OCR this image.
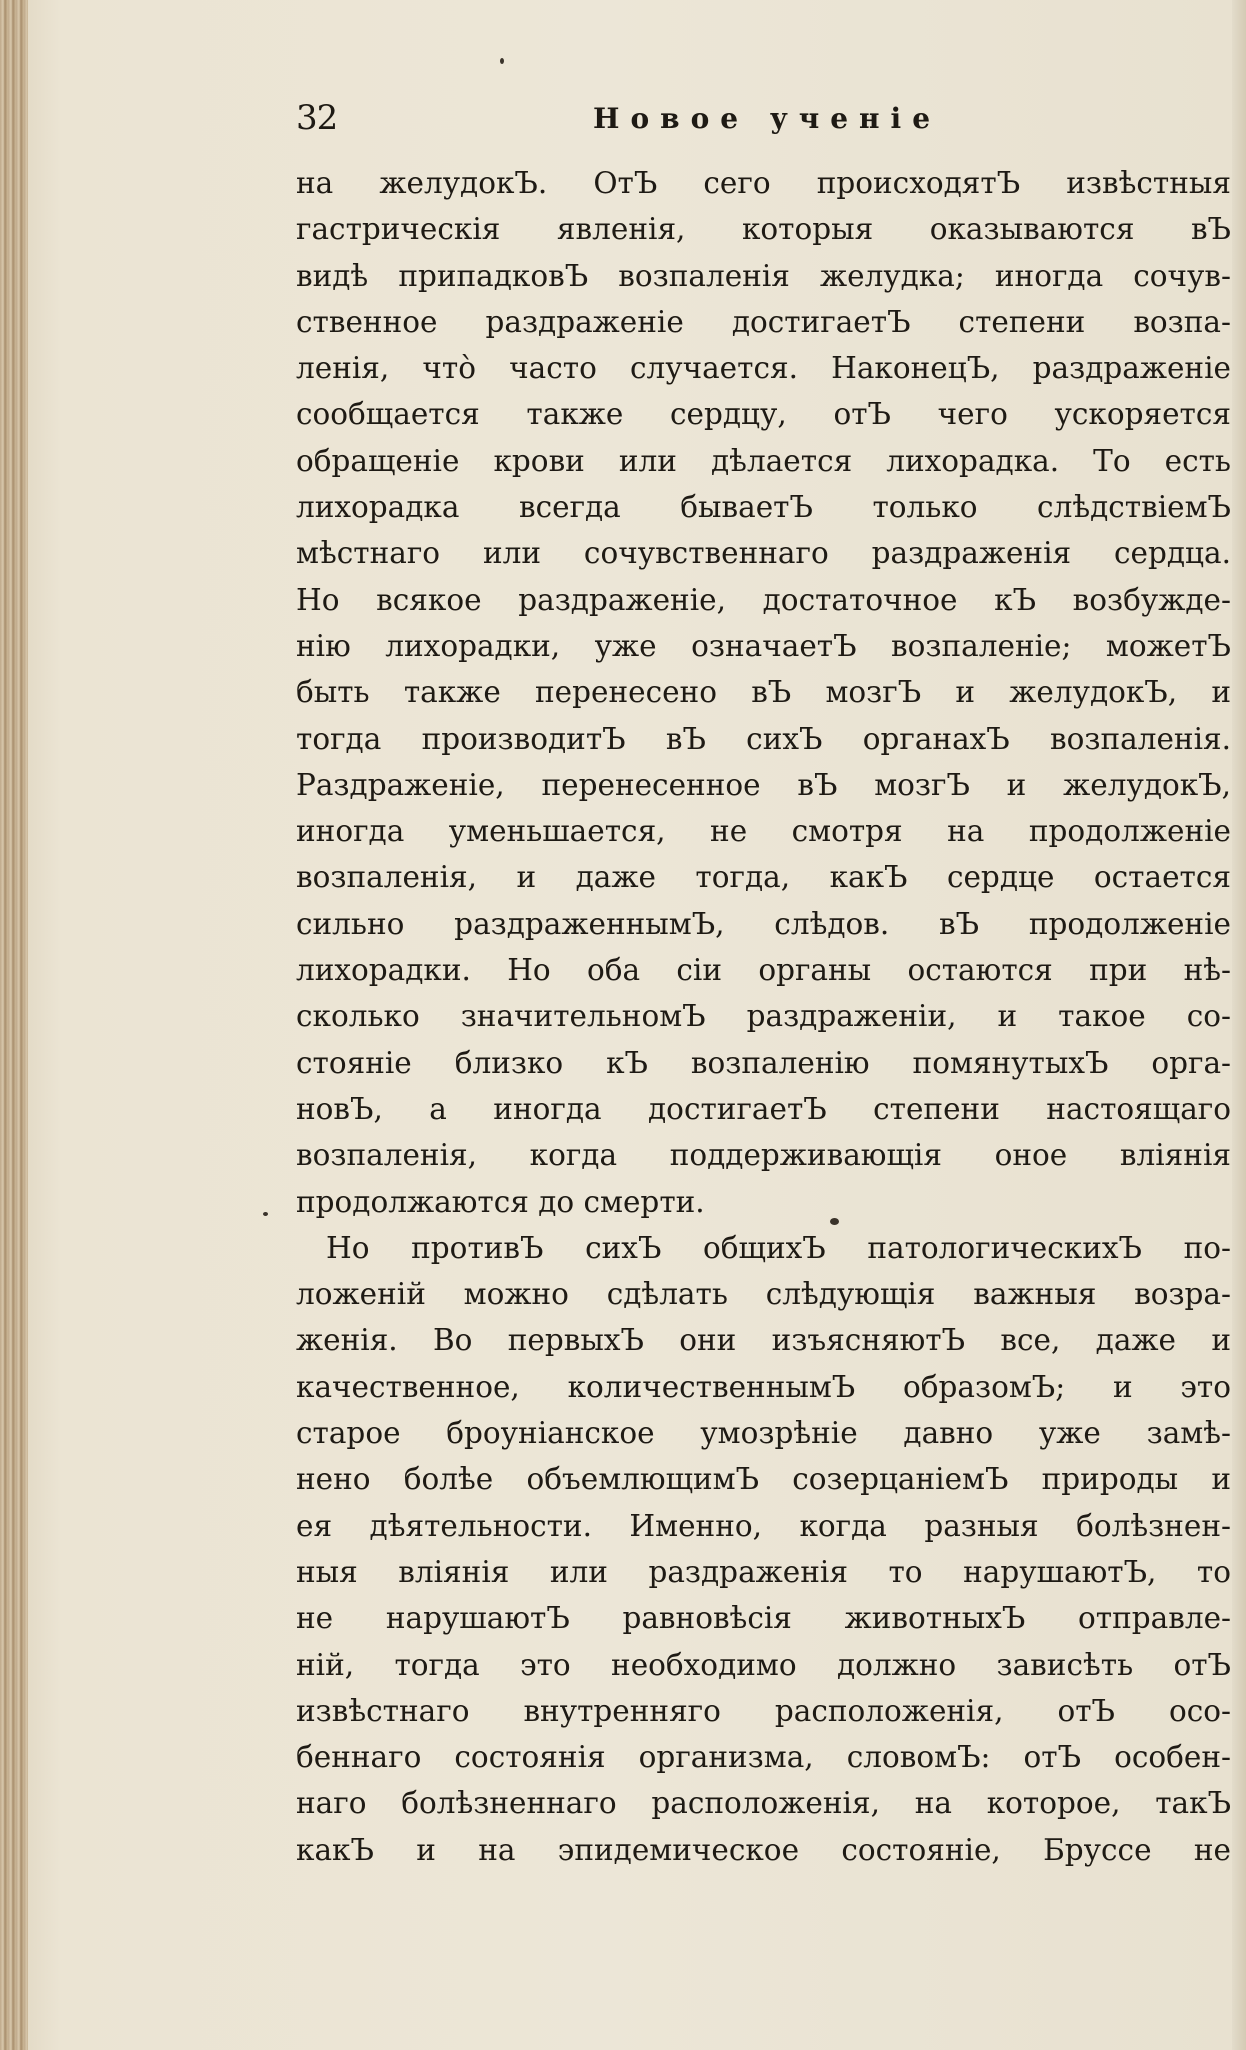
32	Новое ученіе
на желудокЪ. ОтЪ сего происходятЪ извѣстныя
гастрическія явленія, которыя оказываются вЪ
видѣ припадковЪ возпаленія желудка; иногда сочув-
ственное раздраженіе достигаетЪ степени возпа-
ленія, что̀ часто случается. НаконецЪ, раздраженіе
сообщается также сердцу, отЪ чего ускоряется
обращеніе крови или дѣлается лихорадка. То есть
лихорадка всегда бываетЪ только слѣдствіемЪ
мѣстнаго или сочувственнаго раздраженія сердца.
Но всякое раздраженіе, достаточное кЪ возбужде-
нію лихорадки, уже означаетЪ возпаленіе; можетЪ
быть также перенесено вЪ мозгЪ и желудокЪ, и
тогда производитЪ вЪ сихЪ органахЪ возпаленія.
Раздраженіе, перенесенное вЪ мозгЪ и желудокЪ,
иногда уменьшается, не смотря на продолженіе
возпаленія, и даже тогда, какЪ сердце остается
сильно раздраженнымЪ, слѣдов. вЪ продолженіе
лихорадки. Но оба сіи органы остаются при нѣ-
сколько значительномЪ раздраженіи, и такое со-
стояніе близко кЪ возпаленію помянутыхЪ орга-
новЪ, а иногда достигаетЪ степени настоящаго
возпаленія, когда поддерживающія оное вліянія
продолжаются до смерти.
Но противЪ сихЪ общихЪ патологическихЪ по-
ложеній можно сдѣлать слѣдующія важныя возра-
женія. Во первыхЪ они изъясняютЪ все, даже и
качественное, количественнымЪ образомЪ; и это
старое броуніанское умозрѣніе давно уже замѣ-
нено болѣе объемлющимЪ созерцаніемЪ природы и
ея дѣятельности. Именно, когда разныя болѣзнен-
ныя вліянія или раздраженія то нарушаютЪ, то
не нарушаютЪ равновѣсія животныхЪ отправле-
ній, тогда это необходимо должно зависѣть отЪ
извѣстнаго внутренняго расположенія, отЪ осо-
беннаго состоянія организма, словомЪ: отЪ особен-
наго болѣзненнаго расположенія, на которое, такЪ
какЪ и на эпидемическое состояніе, Бруссе не
